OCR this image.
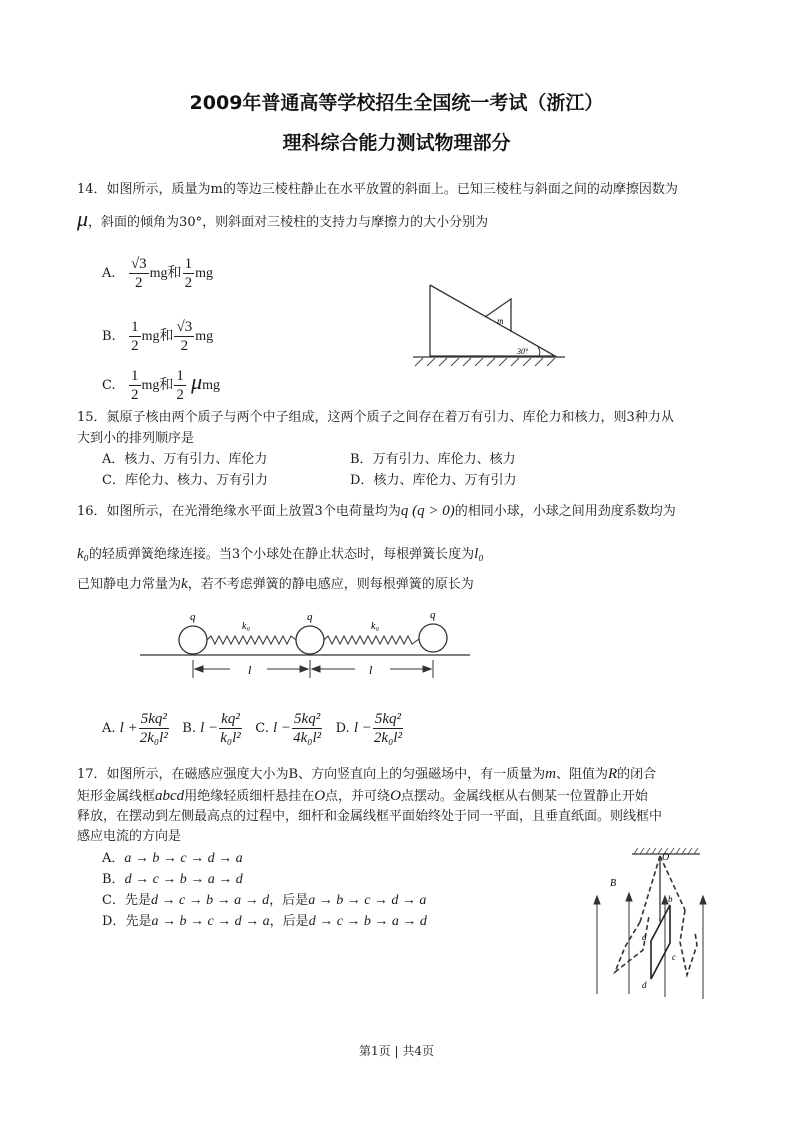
2009年普通高等学校招生全国统一考试（浙江）
理科综合能力测试物理部分
14．如图所示，质量为m的等边三棱柱静止在水平放置的斜面上。已知三棱柱与斜面之间的动摩擦因数为
μ，斜面的倾角为30°，则斜面对三棱柱的支持力与摩擦力的大小分别为
A. $\frac{√3}{2}$ mg和 $\frac{1}{2}$ mg
B. $\frac{1}{2}$ mg和 $\frac{√3}{2}$ mg
C. $\frac{1}{2}$ mg和 $\frac{1}{2}$ μmg
m
30°
15．氮原子核由两个质子与两个中子组成，这两个质子之间存在着万有引力、库伦力和核力，则3种力从
大到小的排列顺序是
A．核力、万有引力、库伦力	B．万有引力、库伦力、核力
C．库伦力、核力、万有引力	D．核力、库伦力、万有引力
16．如图所示，在光滑绝缘水平面上放置3个电荷量均为q (q > 0)的相同小球，小球之间用劲度系数均为
k₀的轻质弹簧绝缘连接。当3个小球处在静止状态时，每根弹簧长度为l₀
已知静电力常量为k，若不考虑弹簧的静电感应，则每根弹簧的原长为
q	q	q
k₀	k₀
l	l
A. $l + \frac{\text{5kq²}}{\text{2k₀l²}} B$. $l - \frac{\text{kq²}}{\text{k₀l²}} C$. $l - \frac{\text{5kq²}}{\text{4k₀l²}} D$. $l - \frac{\text{5kq²}}{\text{2k₀l²}}$
17．如图所示，在磁感应强度大小为B、方向竖直向上的匀强磁场中，有一质量为m、阻值为R的闭合
矩形金属线框abcd用绝缘轻质细杆悬挂在O点，并可绕O点摆动。金属线框从右侧某一位置静止开始
释放，在摆动到左侧最高点的过程中，细杆和金属线框平面始终处于同一平面，且垂直纸面。则线框中
感应电流的方向是
A．a → b → c → d → a
B．d → c → b → a → d
C．先是d → c → b → a → d，后是a → b → c → d → a
D．先是a → b → c → d → a，后是d → c → b → a → d
B
O
a
b
c
d
第1页 | 共4页
